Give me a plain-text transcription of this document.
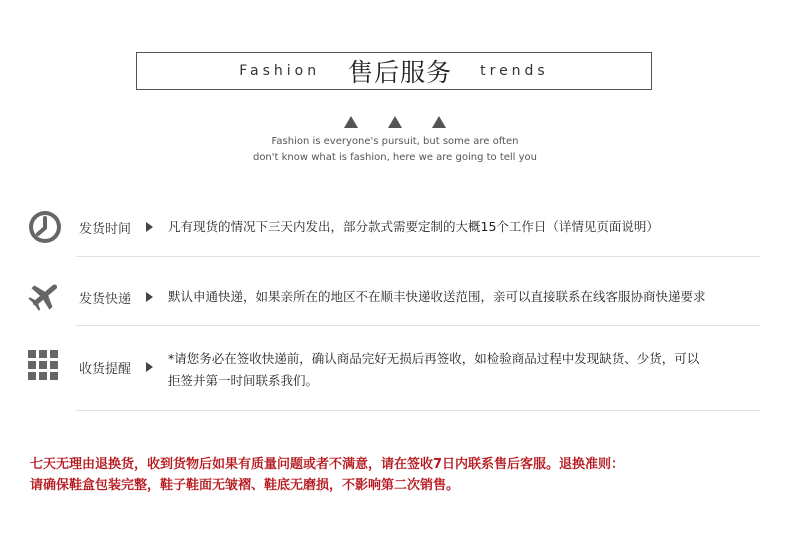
Fashion 售后服务 trends
Fashion is everyone's pursuit, but some are often
don't know what is fashion, here we are going to tell you
发货时间	凡有现货的情况下三天内发出，部分款式需要定制的大概15个工作日（详情见页面说明）
发货快递	默认申通快递，如果亲所在的地区不在顺丰快递收送范围，亲可以直接联系在线客服协商快递要求
收货提醒
*请您务必在签收快递前，确认商品完好无损后再签收，如检验商品过程中发现缺货、少货，可以
拒签并第一时间联系我们。
七天无理由退换货，收到货物后如果有质量问题或者不满意，请在签收7日内联系售后客服。退换准则：
请确保鞋盒包装完整，鞋子鞋面无皱褶、鞋底无磨损，不影响第二次销售。
